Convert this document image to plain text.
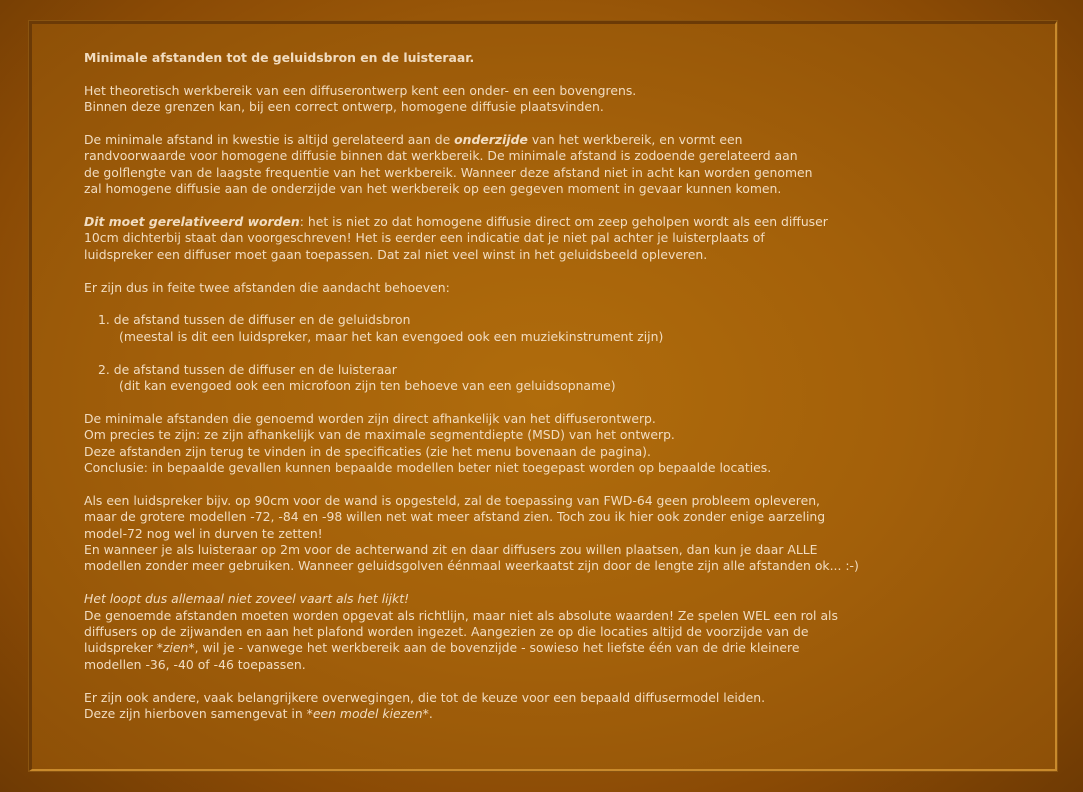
Minimale afstanden tot de geluidsbron en de luisteraar.

Het theoretisch werkbereik van een diffuserontwerp kent een onder- en een bovengrens.
Binnen deze grenzen kan, bij een correct ontwerp, homogene diffusie plaatsvinden.

De minimale afstand in kwestie is altijd gerelateerd aan de onderzijde van het werkbereik, en vormt een
randvoorwaarde voor homogene diffusie binnen dat werkbereik. De minimale afstand is zodoende gerelateerd aan
de golflengte van de laagste frequentie van het werkbereik. Wanneer deze afstand niet in acht kan worden genomen
zal homogene diffusie aan de onderzijde van het werkbereik op een gegeven moment in gevaar kunnen komen.

Dit moet gerelativeerd worden: het is niet zo dat homogene diffusie direct om zeep geholpen wordt als een diffuser
10cm dichterbij staat dan voorgeschreven! Het is eerder een indicatie dat je niet pal achter je luisterplaats of
luidspreker een diffuser moet gaan toepassen. Dat zal niet veel winst in het geluidsbeeld opleveren.

Er zijn dus in feite twee afstanden die aandacht behoeven:

1. de afstand tussen de diffuser en de geluidsbron
(meestal is dit een luidspreker, maar het kan evengoed ook een muziekinstrument zijn)

2. de afstand tussen de diffuser en de luisteraar
(dit kan evengoed ook een microfoon zijn ten behoeve van een geluidsopname)

De minimale afstanden die genoemd worden zijn direct afhankelijk van het diffuserontwerp.
Om precies te zijn: ze zijn afhankelijk van de maximale segmentdiepte (MSD) van het ontwerp.
Deze afstanden zijn terug te vinden in de specificaties (zie het menu bovenaan de pagina).
Conclusie: in bepaalde gevallen kunnen bepaalde modellen beter niet toegepast worden op bepaalde locaties.

Als een luidspreker bijv. op 90cm voor de wand is opgesteld, zal de toepassing van FWD-64 geen probleem opleveren,
maar de grotere modellen -72, -84 en -98 willen net wat meer afstand zien. Toch zou ik hier ook zonder enige aarzeling
model-72 nog wel in durven te zetten!
En wanneer je als luisteraar op 2m voor de achterwand zit en daar diffusers zou willen plaatsen, dan kun je daar ALLE
modellen zonder meer gebruiken. Wanneer geluidsgolven éénmaal weerkaatst zijn door de lengte zijn alle afstanden ok... :-)

Het loopt dus allemaal niet zoveel vaart als het lijkt!
De genoemde afstanden moeten worden opgevat als richtlijn, maar niet als absolute waarden! Ze spelen WEL een rol als
diffusers op de zijwanden en aan het plafond worden ingezet. Aangezien ze op die locaties altijd de voorzijde van de
luidspreker *zien*, wil je - vanwege het werkbereik aan de bovenzijde - sowieso het liefste één van de drie kleinere
modellen -36, -40 of -46 toepassen.

Er zijn ook andere, vaak belangrijkere overwegingen, die tot de keuze voor een bepaald diffusermodel leiden.
Deze zijn hierboven samengevat in *een model kiezen*.
